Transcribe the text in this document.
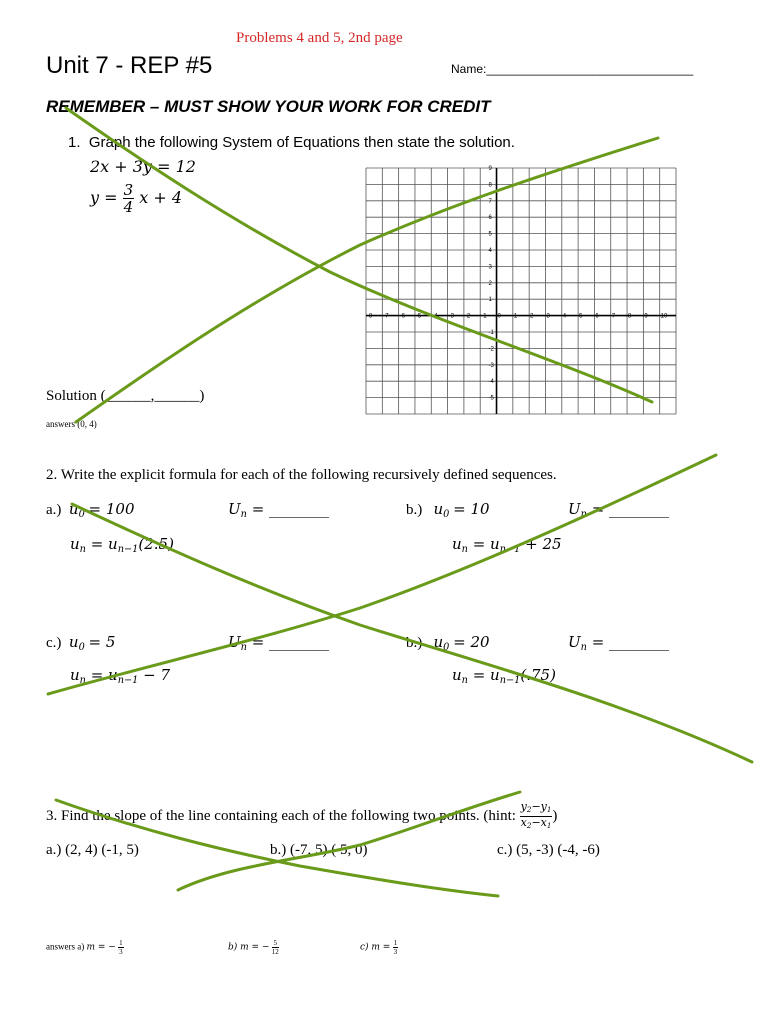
Problems 4 and 5, 2nd page
Unit 7 - REP #5	Name:_______________________________
REMEMBER – MUST SHOW YOUR WORK FOR CREDIT
1. Graph the following System of Equations then state the solution.
2x + 3y = 12
$y = \frac{3}{4}$ x + 4
-8 -7 -6 -5 -4 -3 -2 -1 0 1 2 3 4 5 6 7 8 9 10
9
8
7
6
5
4
3
2
1
-1
-2
-3
-4
-5
Solution (______,______)
answers (0, 4)
2. Write the explicit formula for each of the following recursively defined sequences.
a.) $u_0 = 100$	$U_n$ = ________
$u_n = u_{n-1}(2.5)$
b.) $u_0 = 10$	$U_n$ = ________
$u_n = u_{n-1} + 25$
c.) $u_0 = 5$	$U_n$ = ________
$u_n = u_{n-1} - 7$
b.) $u_0 = 20$	$U_n$ = ________
$u_n = u_{n-1}(.75)$
3. Find the slope of the line containing each of the following two points. (hint: $\frac{y_2-y_1}{x_2-x_1}$ )
a.) (2, 4) (-1, 5)	b.) (-7, 5) ( 5, 0)	c.) (5, -3) (-4, -6)
answers a) m = − $\frac{1}{3}$	b) m = − $\frac{5}{12}$	c) $m = \frac{1}{3}$
